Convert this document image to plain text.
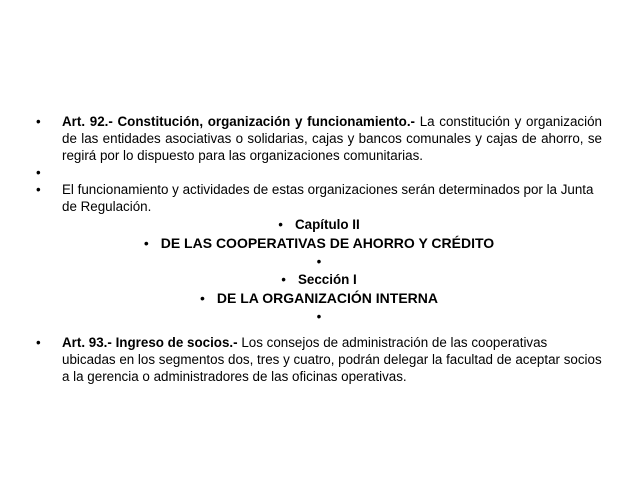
•	Art. 92.- Constitución, organización y funcionamiento.- La constitución y organización de las entidades asociativas o solidarias, cajas y bancos comunales y cajas de ahorro, se regirá por lo dispuesto para las organizaciones comunitarias.
•
•	El funcionamiento y actividades de estas organizaciones serán determinados por la Junta de Regulación.
• Capítulo II
• DE LAS COOPERATIVAS DE AHORRO Y CRÉDITO
•
• Sección I
• DE LA ORGANIZACIÓN INTERNA
•
•	Art. 93.- Ingreso de socios.- Los consejos de administración de las cooperativas ubicadas en los segmentos dos, tres y cuatro, podrán delegar la facultad de aceptar socios a la gerencia o administradores de las oficinas operativas.
